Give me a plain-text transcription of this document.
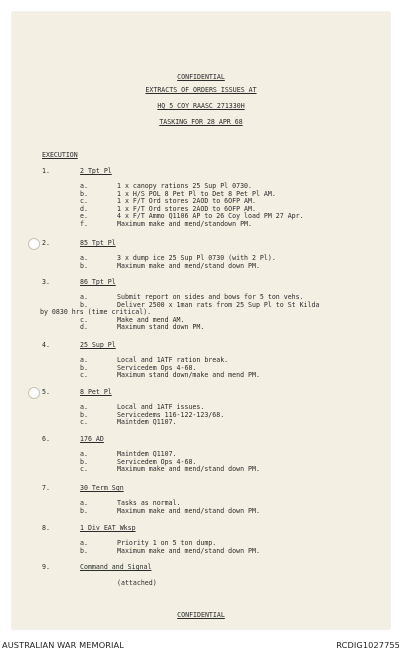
CONFIDENTIAL
EXTRACTS OF ORDERS ISSUES AT
HQ 5 COY RAASC 271330H
TASKING FOR 28 APR 68
EXECUTION
1.	2 Tpt Pl
a.	1 x canopy rations 25 Sup Pl 0730.
b.	1 x H/S POL 8 Pet Pl to Det 8 Pet Pl AM.
c.	1 x F/T Ord stores 2AOD to 6OFP AM.
d.	1 x F/T Ord stores 2AOD to 6OFP AM.
e.	4 x F/T Ammo Q1106 AP to 26 Coy load PM 27 Apr.
f.	Maximum make and mend/standown PM.
2.	85 Tpt Pl
a.	3 x dump ice 25 Sup Pl 0730 (with 2 Pl).
b.	Maximum make and mend/stand down PM.
3.	86 Tpt Pl
a.	Submit report on sides and bows for 5 ton vehs.
b.	Deliver 2500 x 1man rats from 25 Sup Pl to St Kilda
by 0830 hrs (time critical).
c.	Make and mend AM.
d.	Maximum stand down PM.
4.	25 Sup Pl
a.	Local and 1ATF ration break.
b.	Servicedem Ops 4-68.
c.	Maximum stand down/make and mend PM.
5.	8 Pet Pl
a.	Local and 1ATF issues.
b.	Servicedems 116-122-123/68.
c.	Maintdem Q1107.
6.	176 AD
a.	Maintdem Q1107.
b.	Servicedem Ops 4-68.
c.	Maximum make and mend/stand down PM.
7.	30 Term Sqn
a.	Tasks as normal.
b.	Maximum make and mend/stand down PM.
8.	1 Div EAT Wksp
a.	Priority 1 on 5 ton dump.
b.	Maximum make and mend/stand down PM.
9.	Command and Signal
(attached)
CONFIDENTIAL
AUSTRALIAN WAR MEMORIAL	RCDIG1027755
